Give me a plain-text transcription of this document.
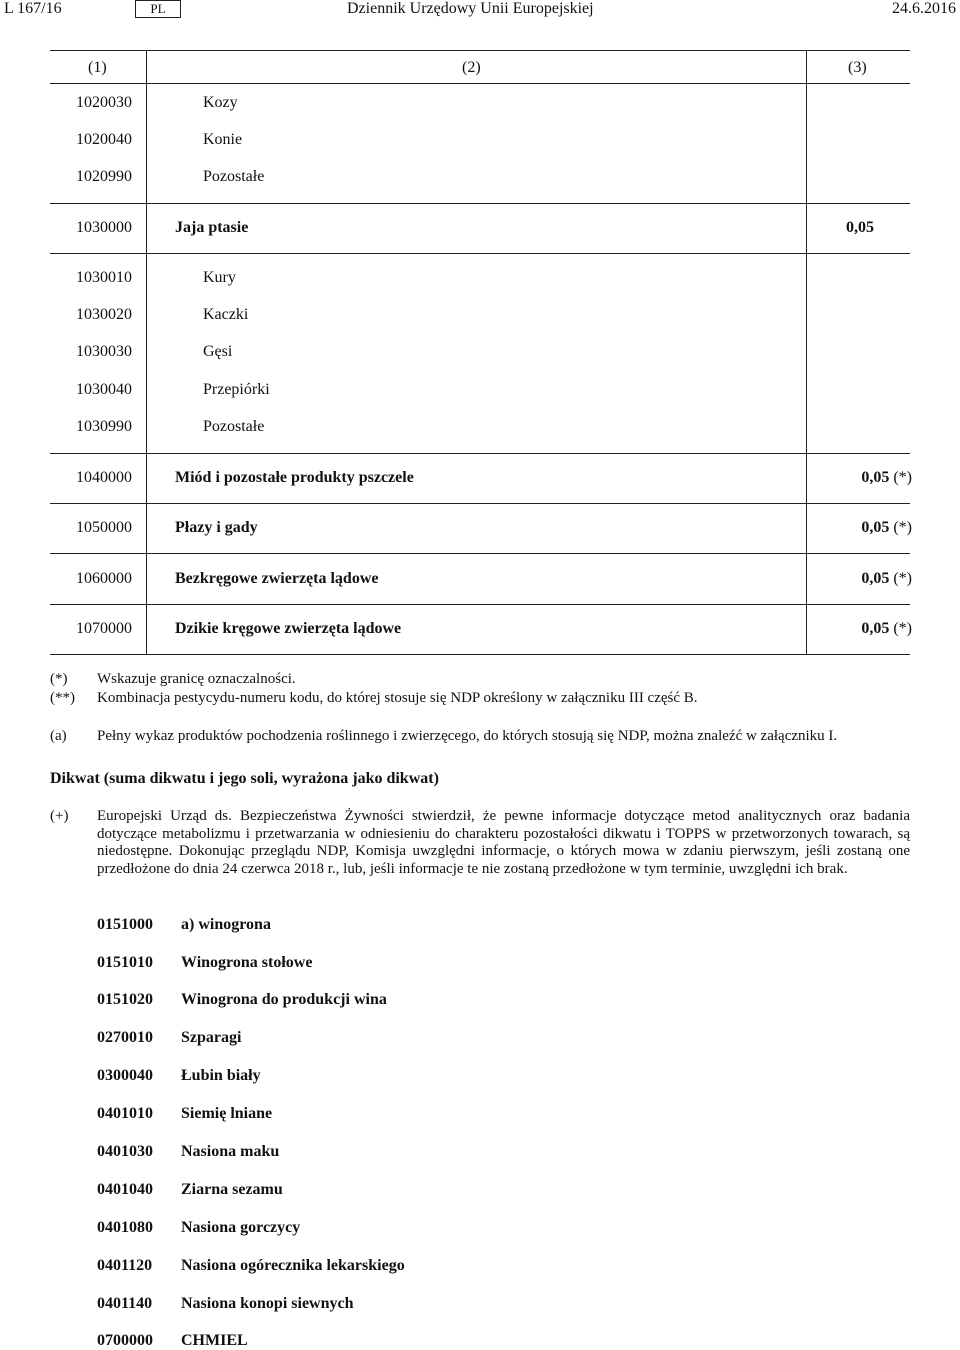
L 167/16	PL	Dziennik Urzędowy Unii Europejskiej	24.6.2016
(1)	(2)	(3)
1020030	Kozy
1020040	Konie
1020990	Pozostałe
1030000	Jaja ptasie	0,05
1030010	Kury
1030020	Kaczki
1030030	Gęsi
1030040	Przepiórki
1030990	Pozostałe
1040000	Miód i pozostałe produkty pszczele	0,05 (*)
1050000	Płazy i gady	0,05 (*)
1060000	Bezkręgowe zwierzęta lądowe	0,05 (*)
1070000	Dzikie kręgowe zwierzęta lądowe	0,05 (*)
(*) Wskazuje granicę oznaczalności.
(**) Kombinacja pestycydu-numeru kodu, do której stosuje się NDP określony w załączniku III część B.
(a) Pełny wykaz produktów pochodzenia roślinnego i zwierzęcego, do których stosują się NDP, można znaleźć w załączniku I.
Dikwat (suma dikwatu i jego soli, wyrażona jako dikwat)
(+) Europejski Urząd ds. Bezpieczeństwa Żywności stwierdził, że pewne informacje dotyczące metod analitycznych oraz badania dotyczące metabolizmu i przetwarzania w odniesieniu do charakteru pozostałości dikwatu i TOPPS w przetworzonych towarach, są niedostępne. Dokonując przeglądu NDP, Komisja uwzględni informacje, o których mowa w zdaniu pierwszym, jeśli zostaną one przedłożone do dnia 24 czerwca 2018 r., lub, jeśli informacje te nie zostaną przedłożone w tym terminie, uwzględni ich brak.
0151000 a) winogrona
0151010 Winogrona stołowe
0151020 Winogrona do produkcji wina
0270010 Szparagi
0300040 Łubin biały
0401010 Siemię lniane
0401030 Nasiona maku
0401040 Ziarna sezamu
0401080 Nasiona gorczycy
0401120 Nasiona ogórecznika lekarskiego
0401140 Nasiona konopi siewnych
0700000 CHMIEL
